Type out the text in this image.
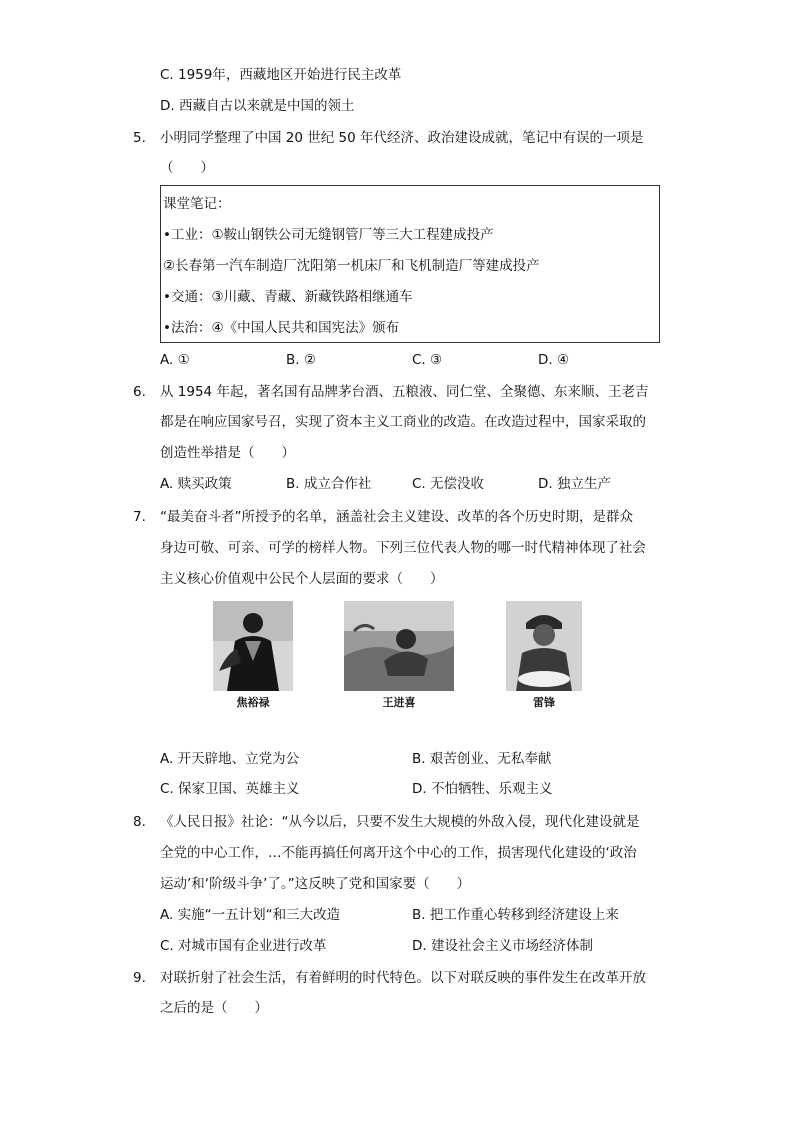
C. 1959年，西藏地区开始进行民主改革
D. 西藏自古以来就是中国的领土
5. 小明同学整理了中国 20 世纪 50 年代经济、政治建设成就，笔记中有误的一项是
（　　）
课堂笔记：
•工业：①鞍山钢铁公司无缝钢管厂等三大工程建成投产
②长春第一汽车制造厂沈阳第一机床厂和飞机制造厂等建成投产
•交通：③川藏、青藏、新藏铁路相继通车
•法治：④《中国人民共和国宪法》颁布
A. ①	B. ②	C. ③	D. ④
6. 从 1954 年起，著名国有品牌茅台酒、五粮液、同仁堂、全聚德、东来顺、王老吉
都是在响应国家号召，实现了资本主义工商业的改造。在改造过程中，国家采取的
创造性举措是（　　）
A. 赎买政策	B. 成立合作社	C. 无偿没收	D. 独立生产
7. “最美奋斗者”所授予的名单，涵盖社会主义建设、改革的各个历史时期，是群众
身边可敬、可亲、可学的榜样人物。下列三位代表人物的哪一时代精神体现了社会
主义核心价值观中公民个人层面的要求（　　）
焦裕禄	王进喜	雷锋
A. 开天辟地、立党为公	B. 艰苦创业、无私奉献
C. 保家卫国、英雄主义	D. 不怕牺牲、乐观主义
8. 《人民日报》社论：“从今以后，只要不发生大规模的外敌入侵，现代化建设就是
全党的中心工作，…不能再搞任何离开这个中心的工作，损害现代化建设的‘政治
运动’和‘阶级斗争’了。”这反映了党和国家要（　　）
A. 实施“一五计划“和三大改造	B. 把工作重心转移到经济建设上来
C. 对城市国有企业进行改革	D. 建设社会主义市场经济体制
9. 对联折射了社会生活，有着鲜明的时代特色。以下对联反映的事件发生在改革开放
之后的是（　　）
